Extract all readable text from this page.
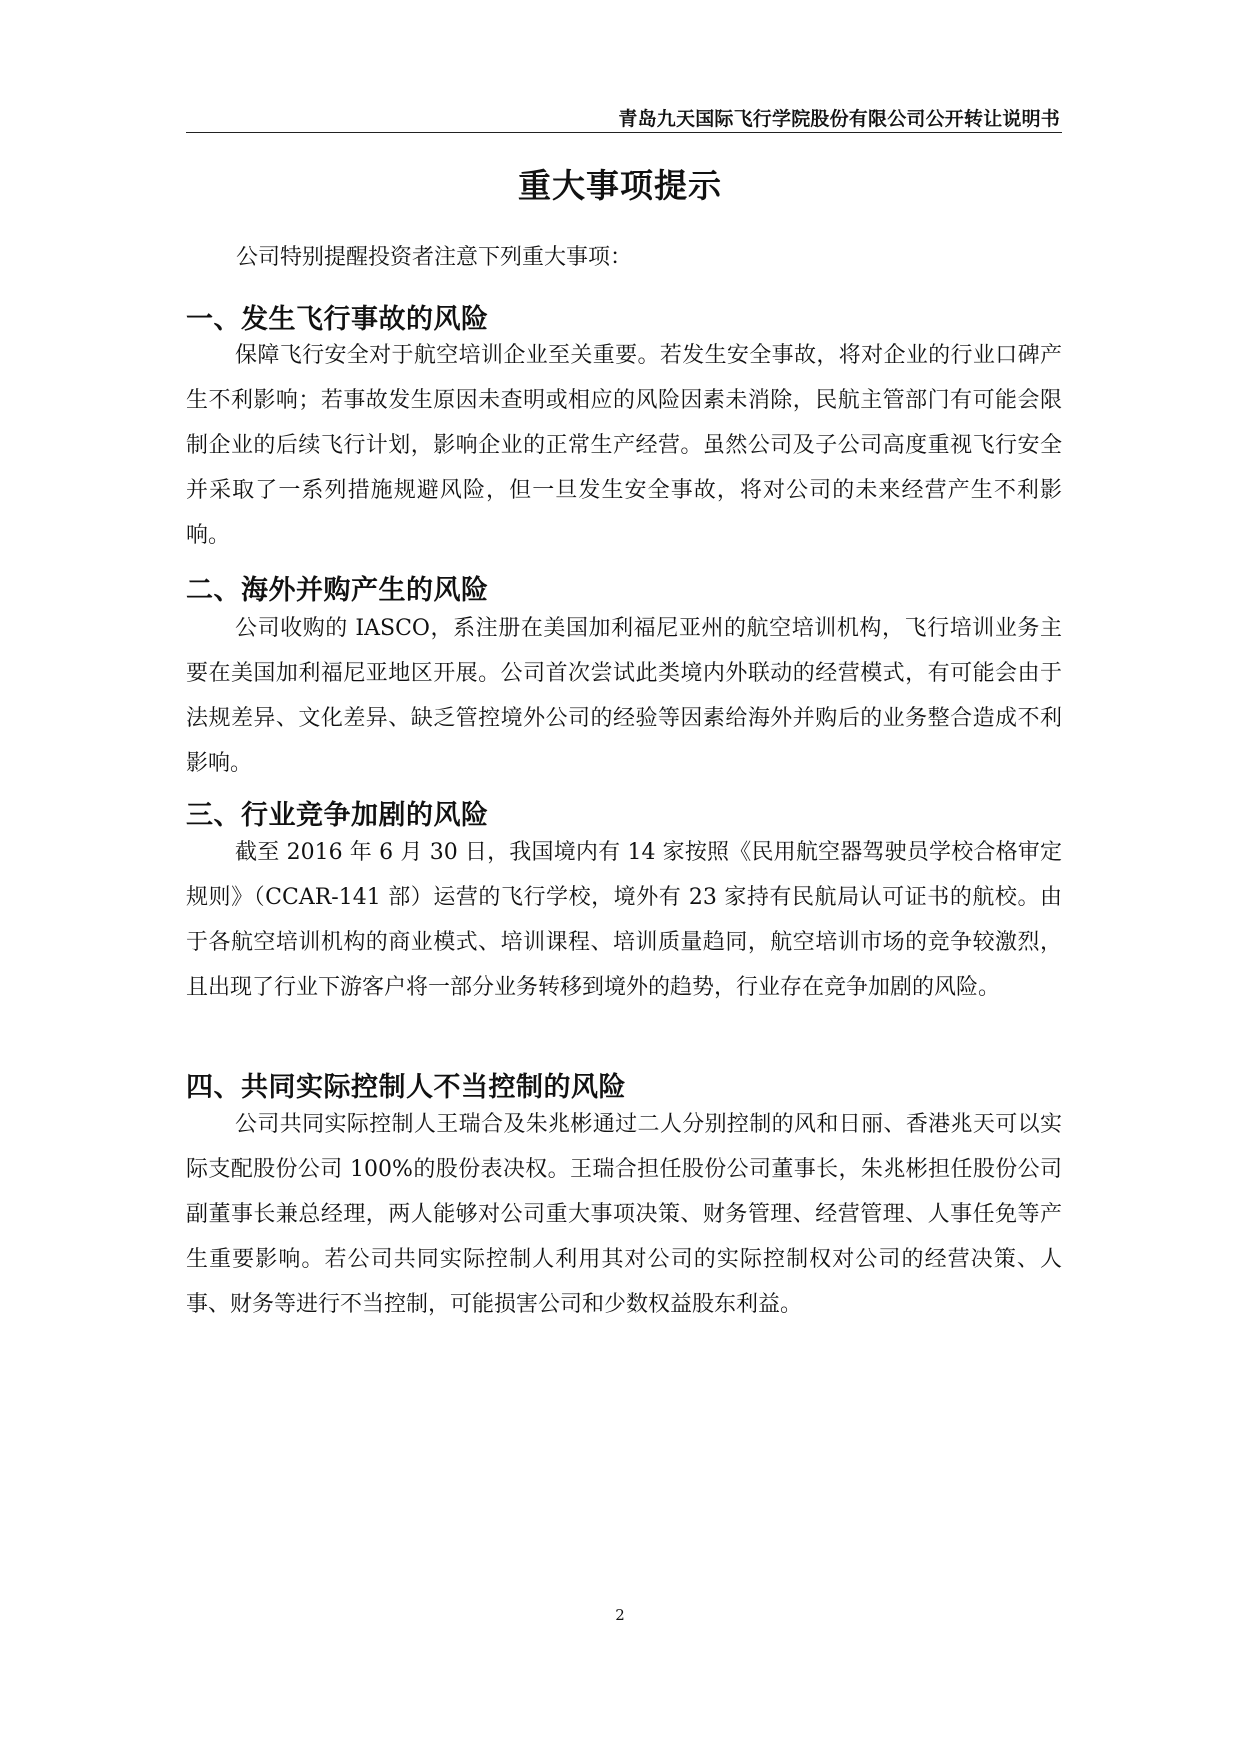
青岛九天国际飞行学院股份有限公司公开转让说明书
重大事项提示
公司特别提醒投资者注意下列重大事项：
一、发生飞行事故的风险

保障飞行安全对于航空培训企业至关重要。若发生安全事故，将对企业的行业口碑产生不利影响；若事故发生原因未查明或相应的风险因素未消除，民航主管部门有可能会限制企业的后续飞行计划，影响企业的正常生产经营。虽然公司及子公司高度重视飞行安全并采取了一系列措施规避风险，但一旦发生安全事故，将对公司的未来经营产生不利影响。

二、海外并购产生的风险

公司收购的 IASCO，系注册在美国加利福尼亚州的航空培训机构，飞行培训业务主要在美国加利福尼亚地区开展。公司首次尝试此类境内外联动的经营模式，有可能会由于法规差异、文化差异、缺乏管控境外公司的经验等因素给海外并购后的业务整合造成不利影响。

三、行业竞争加剧的风险

截至 2016 年 6 月 30 日，我国境内有 14 家按照《民用航空器驾驶员学校合格审定规则》（CCAR-141 部）运营的飞行学校，境外有 23 家持有民航局认可证书的航校。由于各航空培训机构的商业模式、培训课程、培训质量趋同，航空培训市场的竞争较激烈，且出现了行业下游客户将一部分业务转移到境外的趋势，行业存在竞争加剧的风险。

四、共同实际控制人不当控制的风险

公司共同实际控制人王瑞合及朱兆彬通过二人分别控制的风和日丽、香港兆天可以实际支配股份公司 100%的股份表决权。王瑞合担任股份公司董事长，朱兆彬担任股份公司副董事长兼总经理，两人能够对公司重大事项决策、财务管理、经营管理、人事任免等产生重要影响。若公司共同实际控制人利用其对公司的实际控制权对公司的经营决策、人事、财务等进行不当控制，可能损害公司和少数权益股东利益。

2
